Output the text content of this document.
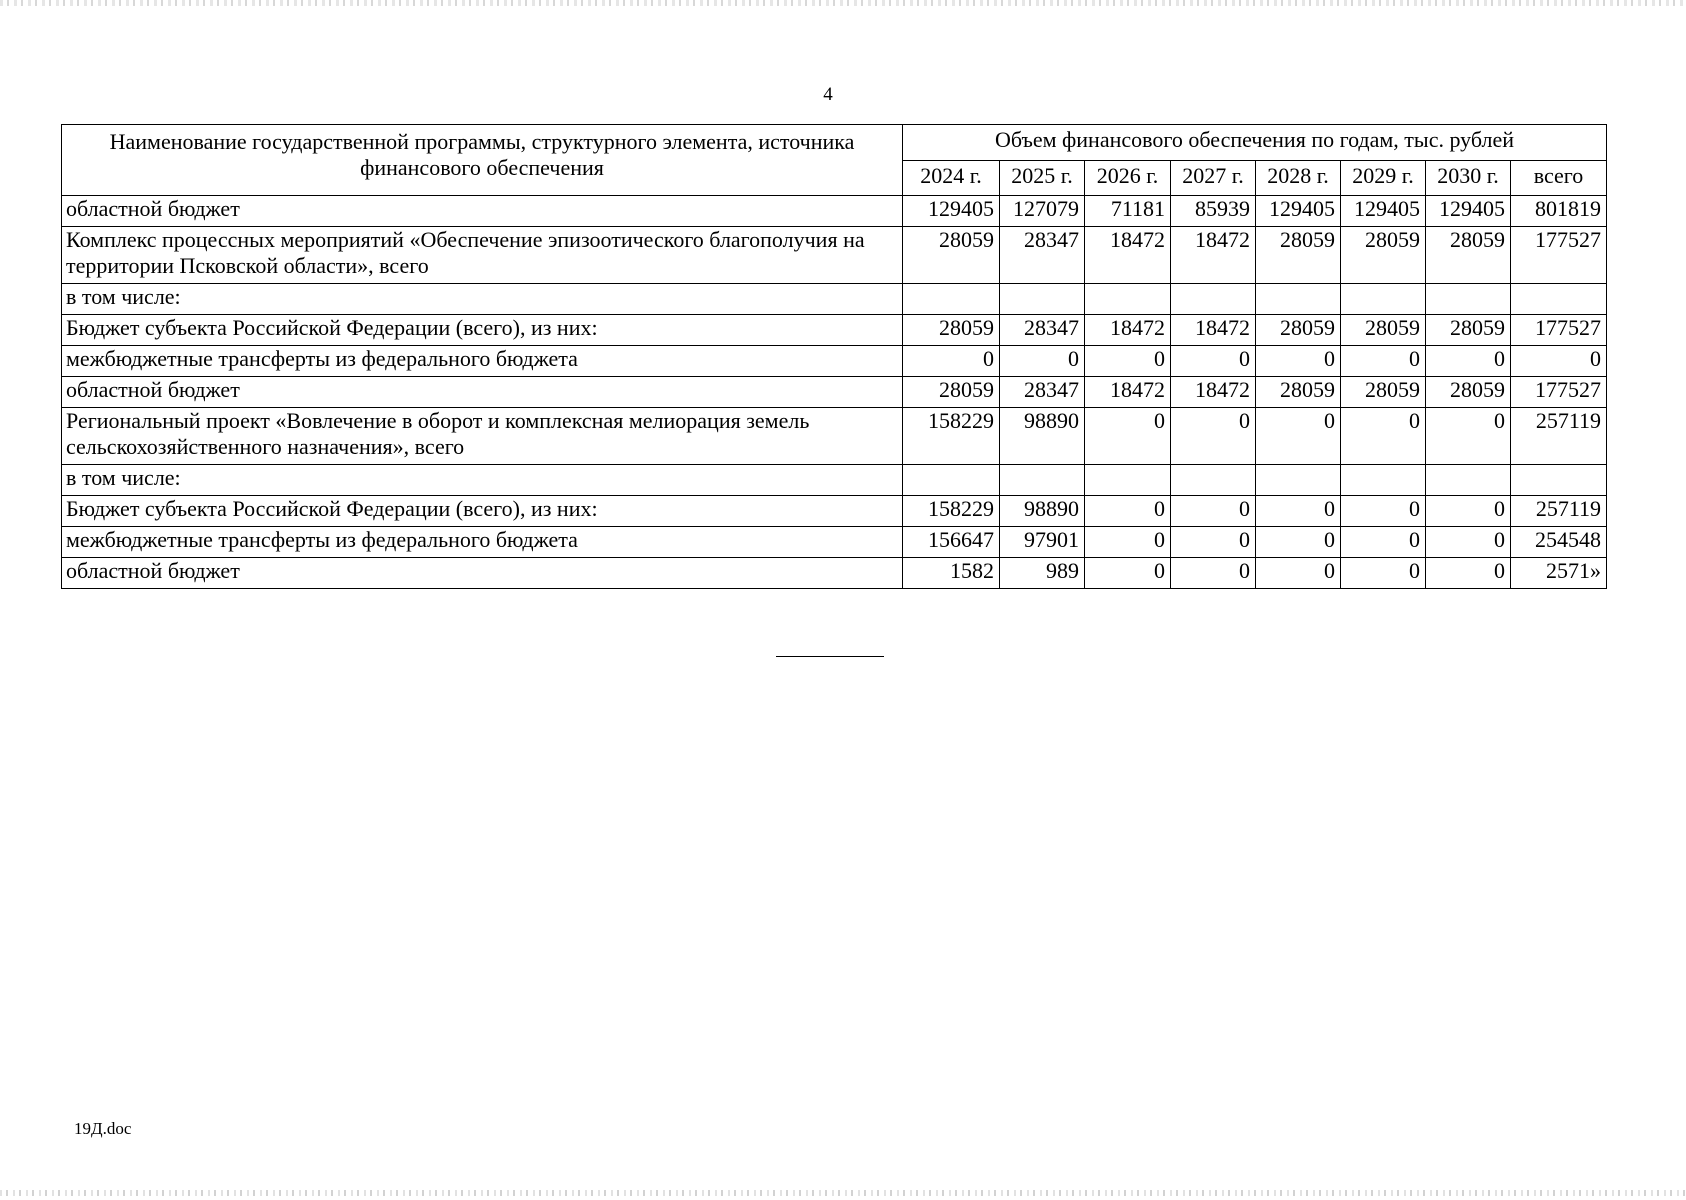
4
Наименование государственной программы, структурного элемента, источника финансового обеспечения	Объем финансового обеспечения по годам, тыс. рублей							
	2024 г.	2025 г.	2026 г.	2027 г.	2028 г.	2029 г.	2030 г.	всего
областной бюджет	129405	127079	71181	85939	129405	129405	129405	801819
Комплекс процессных мероприятий «Обеспечение эпизоотического благополучия на территории Псковской области», всего	28059	28347	18472	18472	28059	28059	28059	177527
в том числе:								
Бюджет субъекта Российской Федерации (всего), из них:	28059	28347	18472	18472	28059	28059	28059	177527
межбюджетные трансферты из федерального бюджета	0	0	0	0	0	0	0	0
областной бюджет	28059	28347	18472	18472	28059	28059	28059	177527
Региональный проект «Вовлечение в оборот и комплексная мелиорация земель сельскохозяйственного назначения», всего	158229	98890	0	0	0	0	0	257119
в том числе:								
Бюджет субъекта Российской Федерации (всего), из них:	158229	98890	0	0	0	0	0	257119
межбюджетные трансферты из федерального бюджета	156647	97901	0	0	0	0	0	254548
областной бюджет	1582	989	0	0	0	0	0	2571»
19Д.doc
